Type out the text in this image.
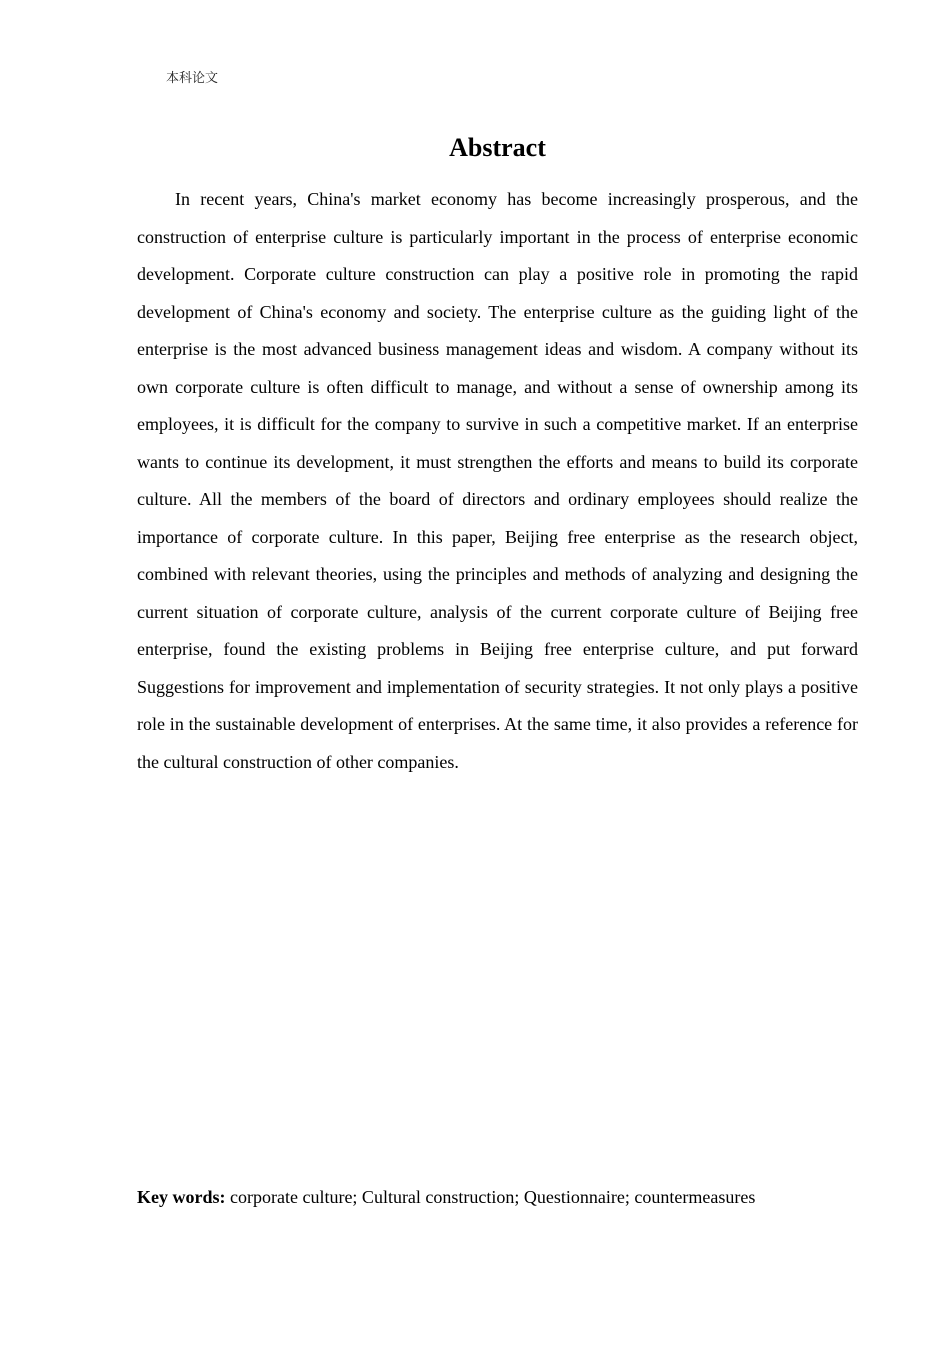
本科论文
Abstract

In recent years, China's market economy has become increasingly prosperous, and the construction of enterprise culture is particularly important in the process of enterprise economic development. Corporate culture construction can play a positive role in promoting the rapid development of China's economy and society. The enterprise culture as the guiding light of the enterprise is the most advanced business management ideas and wisdom. A company without its own corporate culture is often difficult to manage, and without a sense of ownership among its employees, it is difficult for the company to survive in such a competitive market. If an enterprise wants to continue its development, it must strengthen the efforts and means to build its corporate culture. All the members of the board of directors and ordinary employees should realize the importance of corporate culture. In this paper, Beijing free enterprise as the research object, combined with relevant theories, using the principles and methods of analyzing and designing the current situation of corporate culture, analysis of the current corporate culture of Beijing free enterprise, found the existing problems in Beijing free enterprise culture, and put forward Suggestions for improvement and implementation of security strategies. It not only plays a positive role in the sustainable development of enterprises. At the same time, it also provides a reference for the cultural construction of other companies.

Key words: corporate culture; Cultural construction; Questionnaire; countermeasures
